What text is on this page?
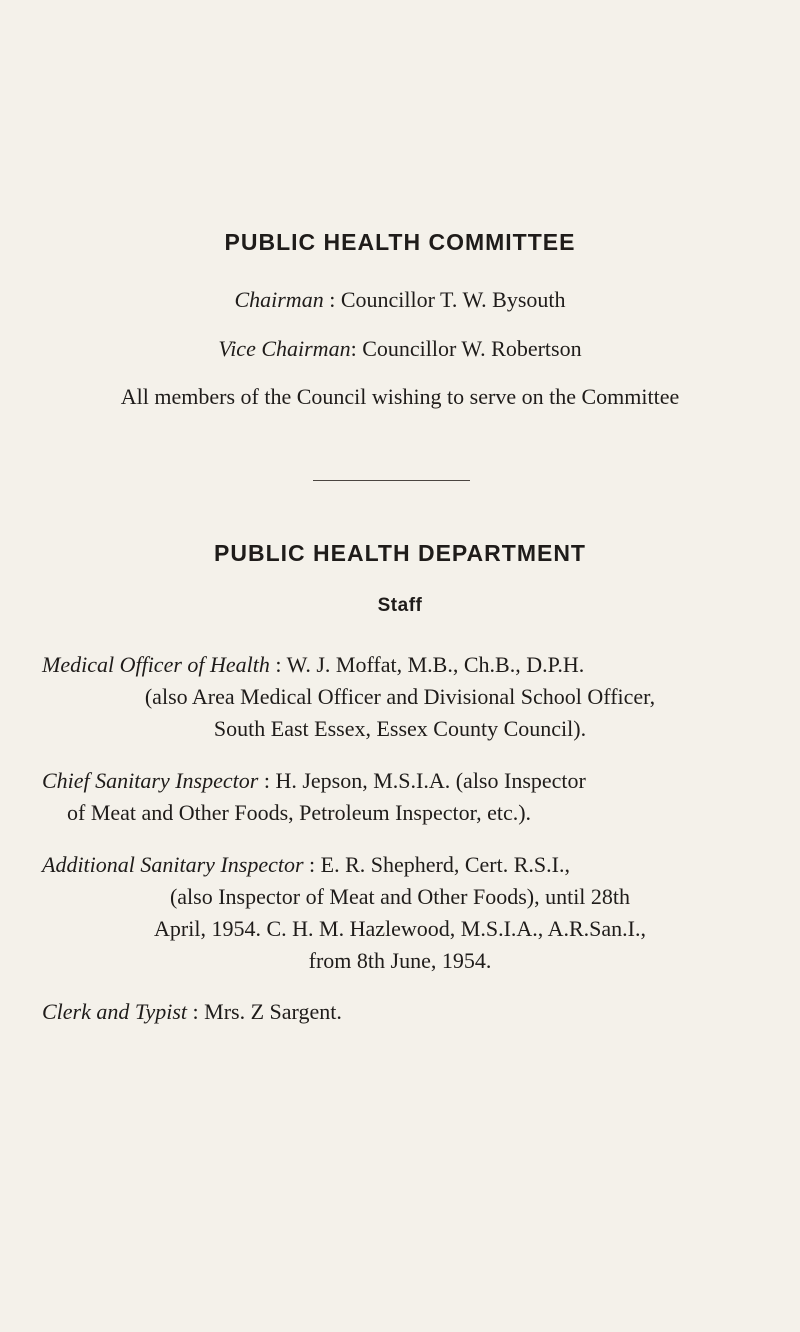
PUBLIC HEALTH COMMITTEE
Chairman : Councillor T. W. Bysouth
Vice Chairman: Councillor W. Robertson
All members of the Council wishing to serve on the Committee
PUBLIC HEALTH DEPARTMENT
Staff
Medical Officer of Health : W. J. Moffat, M.B., Ch.B., D.P.H.
(also Area Medical Officer and Divisional School Officer,
South East Essex, Essex County Council).
Chief Sanitary Inspector : H. Jepson, M.S.I.A. (also Inspector
of Meat and Other Foods, Petroleum Inspector, etc.).
Additional Sanitary Inspector : E. R. Shepherd, Cert. R.S.I.,
(also Inspector of Meat and Other Foods), until 28th
April, 1954. C. H. M. Hazlewood, M.S.I.A., A.R.San.I.,
from 8th June, 1954.
Clerk and Typist : Mrs. Z Sargent.
